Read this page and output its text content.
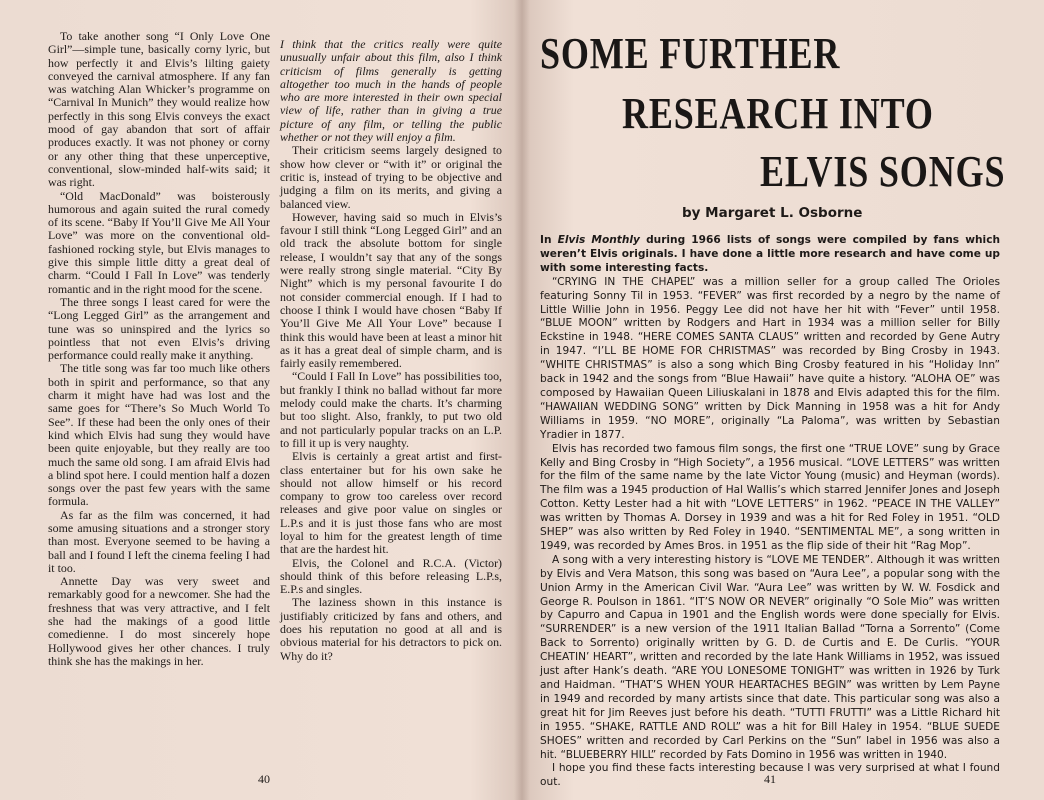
To take another song “I Only Love One Girl”—simple tune, basically corny lyric, but how perfectly it and Elvis’s lilting gaiety conveyed the carnival atmosphere. If any fan was watching Alan Whicker’s programme on “Carnival In Munich” they would realize how perfectly in this song Elvis conveys the exact mood of gay abandon that sort of affair produces exactly. It was not phoney or corny or any other thing that these unperceptive, conventional, slow-minded half-wits said; it was right.

“Old MacDonald” was boisterously humorous and again suited the rural comedy of its scene. “Baby If You’ll Give Me All Your Love” was more on the conventional old-fashioned rocking style, but Elvis manages to give this simple little ditty a great deal of charm. “Could I Fall In Love” was tenderly romantic and in the right mood for the scene.

The three songs I least cared for were the “Long Legged Girl” as the arrangement and tune was so uninspired and the lyrics so pointless that not even Elvis’s driving performance could really make it anything.

The title song was far too much like others both in spirit and performance, so that any charm it might have had was lost and the same goes for “There’s So Much World To See”. If these had been the only ones of their kind which Elvis had sung they would have been quite enjoyable, but they really are too much the same old song. I am afraid Elvis had a blind spot here. I could mention half a dozen songs over the past few years with the same formula.

As far as the film was concerned, it had some amusing situations and a stronger story than most. Everyone seemed to be having a ball and I found I left the cinema feeling I had it too.

Annette Day was very sweet and remarkably good for a newcomer. She had the freshness that was very attractive, and I felt she had the makings of a good little comedienne. I do most sincerely hope Hollywood gives her other chances. I truly think she has the makings in her.

I think that the critics really were quite unusually unfair about this film, also I think criticism of films generally is getting altogether too much in the hands of people who are more interested in their own special view of life, rather than in giving a true picture of any film, or telling the public whether or not they will enjoy a film.

Their criticism seems largely designed to show how clever or “with it” or original the critic is, instead of trying to be objective and judging a film on its merits, and giving a balanced view.

However, having said so much in Elvis’s favour I still think “Long Legged Girl” and an old track the absolute bottom for single release, I wouldn’t say that any of the songs were really strong single material. “City By Night” which is my personal favourite I do not consider commercial enough. If I had to choose I think I would have chosen “Baby If You’ll Give Me All Your Love” because I think this would have been at least a minor hit as it has a great deal of simple charm, and is fairly easily remembered.

“Could I Fall In Love” has possibilities too, but frankly I think no ballad without far more melody could make the charts. It’s charming but too slight. Also, frankly, to put two old and not particularly popular tracks on an L.P. to fill it up is very naughty.

Elvis is certainly a great artist and first-class entertainer but for his own sake he should not allow himself or his record company to grow too careless over record releases and give poor value on singles or L.P.s and it is just those fans who are most loyal to him for the greatest length of time that are the hardest hit.

Elvis, the Colonel and R.C.A. (Victor) should think of this before releasing L.P.s, E.P.s and singles.

The laziness shown in this instance is justifiably criticized by fans and others, and does his reputation no good at all and is obvious material for his detractors to pick on. Why do it?

40
SOME FURTHER
RESEARCH INTO
ELVIS SONGS
by Margaret L. Osborne

In Elvis Monthly during 1966 lists of songs were compiled by fans which weren’t Elvis originals. I have done a little more research and have come up with some interesting facts.

“CRYING IN THE CHAPEL” was a million seller for a group called The Orioles featuring Sonny Til in 1953. “FEVER” was first recorded by a negro by the name of Little Willie John in 1956. Peggy Lee did not have her hit with “Fever” until 1958. “BLUE MOON” written by Rodgers and Hart in 1934 was a million seller for Billy Eckstine in 1948. “HERE COMES SANTA CLAUS” written and recorded by Gene Autry in 1947. “I’LL BE HOME FOR CHRISTMAS” was recorded by Bing Crosby in 1943. “WHITE CHRISTMAS” is also a song which Bing Crosby featured in his “Holiday Inn” back in 1942 and the songs from “Blue Hawaii” have quite a history. “ALOHA OE” was composed by Hawaiian Queen Liliuskalani in 1878 and Elvis adapted this for the film. “HAWAIIAN WEDDING SONG” written by Dick Manning in 1958 was a hit for Andy Williams in 1959. “NO MORE”, originally “La Paloma”, was written by Sebastian Yradier in 1877.

Elvis has recorded two famous film songs, the first one “TRUE LOVE” sung by Grace Kelly and Bing Crosby in “High Society”, a 1956 musical. “LOVE LETTERS” was written for the film of the same name by the late Victor Young (music) and Heyman (words). The film was a 1945 production of Hal Wallis’s which starred Jennifer Jones and Joseph Cotton. Ketty Lester had a hit with “LOVE LETTERS” in 1962. “PEACE IN THE VALLEY” was written by Thomas A. Dorsey in 1939 and was a hit for Red Foley in 1951. “OLD SHEP” was also written by Red Foley in 1940. “SENTIMENTAL ME”, a song written in 1949, was recorded by Ames Bros. in 1951 as the flip side of their hit “Rag Mop”.

A song with a very interesting history is “LOVE ME TENDER”. Although it was written by Elvis and Vera Matson, this song was based on “Aura Lee”, a popular song with the Union Army in the American Civil War. “Aura Lee” was written by W. W. Fosdick and George R. Poulson in 1861. “IT’S NOW OR NEVER” originally “O Sole Mio” was written by Capurro and Capua in 1901 and the English words were done specially for Elvis. “SURRENDER” is a new version of the 1911 Italian Ballad “Torna a Sorrento” (Come Back to Sorrento) originally written by G. D. de Curtis and E. De Curlis. “YOUR CHEATIN’ HEART”, written and recorded by the late Hank Williams in 1952, was issued just after Hank’s death. “ARE YOU LONESOME TONIGHT” was written in 1926 by Turk and Haidman. “THAT’S WHEN YOUR HEARTACHES BEGIN” was written by Lem Payne in 1949 and recorded by many artists since that date. This particular song was also a great hit for Jim Reeves just before his death. “TUTTI FRUTTI” was a Little Richard hit in 1955. “SHAKE, RATTLE AND ROLL” was a hit for Bill Haley in 1954. “BLUE SUEDE SHOES” written and recorded by Carl Perkins on the “Sun” label in 1956 was also a hit. “BLUEBERRY HILL” recorded by Fats Domino in 1956 was written in 1940.

I hope you find these facts interesting because I was very surprised at what I found out.	41
